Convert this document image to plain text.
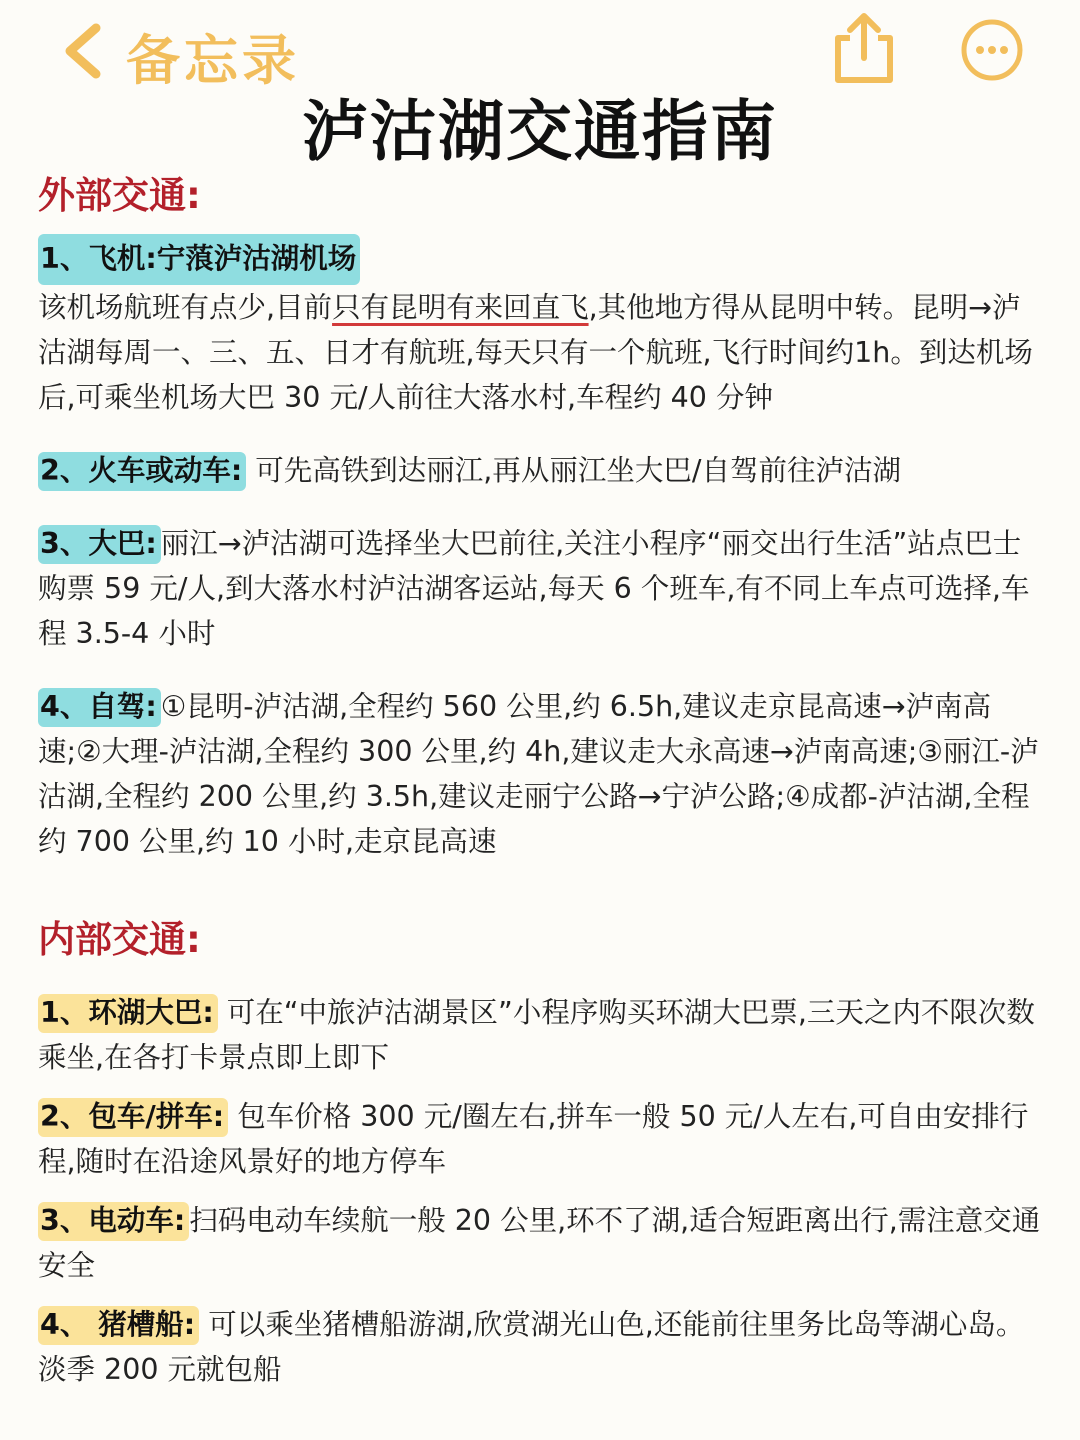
备忘录
泸沽湖交通指南
外部交通:
1、飞机:宁蒗泸沽湖机场
该机场航班有点少,目前只有昆明有来回直飞,其他地方得从昆明中转。昆明→泸沽湖每周一、三、五、日才有航班,每天只有一个航班,飞行时间约1h。到达机场后,可乘坐机场大巴 30 元/人前往大落水村,车程约 40 分钟
2、火车或动车: 可先高铁到达丽江,再从丽江坐大巴/自驾前往泸沽湖
3、大巴: 丽江→泸沽湖可选择坐大巴前往,关注小程序“丽交出行生活”站点巴士购票 59 元/人,到大落水村泸沽湖客运站,每天 6 个班车,有不同上车点可选择,车程 3.5-4 小时
4、自驾: ①昆明-泸沽湖,全程约 560 公里,约 6.5h,建议走京昆高速→泸南高速;②大理-泸沽湖,全程约 300 公里,约 4h,建议走大永高速→泸南高速;③丽江-泸沽湖,全程约 200 公里,约 3.5h,建议走丽宁公路→宁泸公路;④成都-泸沽湖,全程约 700 公里,约 10 小时,走京昆高速
内部交通:
1、环湖大巴: 可在“中旅泸沽湖景区”小程序购买环湖大巴票,三天之内不限次数乘坐,在各打卡景点即上即下
2、包车/拼车: 包车价格 300 元/圈左右,拼车一般 50 元/人左右,可自由安排行程,随时在沿途风景好的地方停车
3、电动车: 扫码电动车续航一般 20 公里,环不了湖,适合短距离出行,需注意交通安全
4、 猪槽船: 可以乘坐猪槽船游湖,欣赏湖光山色,还能前往里务比岛等湖心岛。淡季 200 元就包船
